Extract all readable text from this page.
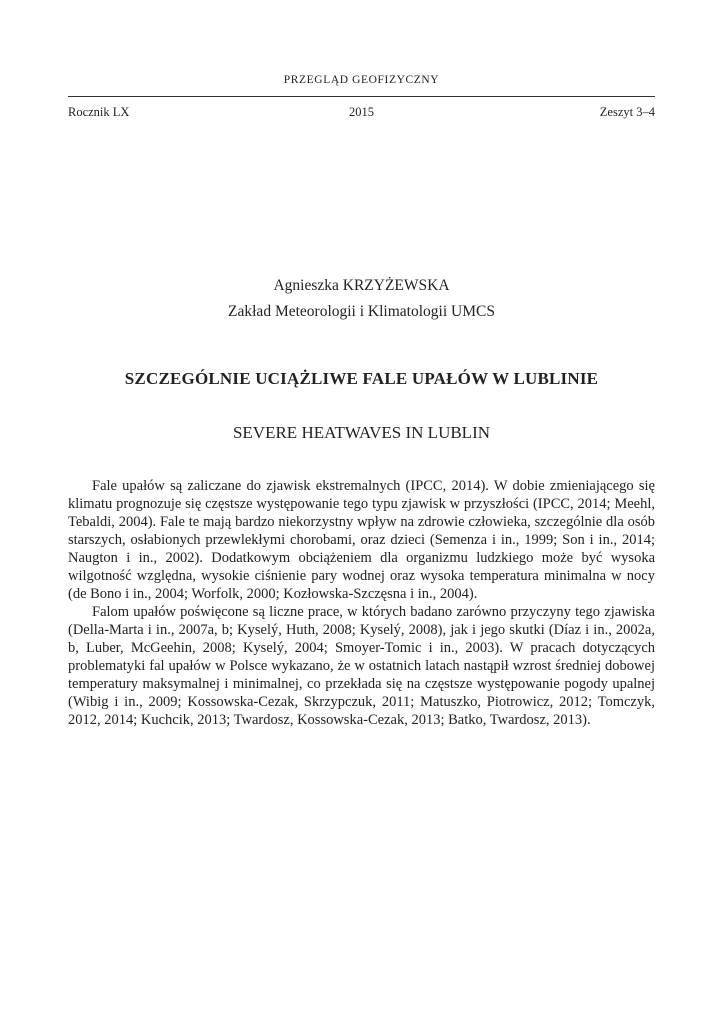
PRZEGLĄD GEOFIZYCZNY
Rocznik LX	2015	Zeszyt 3–4
Agnieszka KRZYŻEWSKA
Zakład Meteorologii i Klimatologii UMCS
SZCZEGÓLNIE UCIĄŻLIWE FALE UPAŁÓW W LUBLINIE
SEVERE HEATWAVES IN LUBLIN

Fale upałów są zaliczane do zjawisk ekstremalnych (IPCC, 2014). W dobie zmieniającego się klimatu prognozuje się częstsze występowanie tego typu zjawisk w przyszłości (IPCC, 2014; Meehl, Tebaldi, 2004). Fale te mają bardzo niekorzystny wpływ na zdrowie człowieka, szczególnie dla osób starszych, osłabionych przewlekłymi chorobami, oraz dzieci (Semenza i in., 1999; Son i in., 2014; Naugton i in., 2002). Dodatkowym obciążeniem dla organizmu ludzkiego może być wysoka wilgotność względna, wysokie ciśnienie pary wodnej oraz wysoka temperatura minimalna w nocy (de Bono i in., 2004; Worfolk, 2000; Kozłowska-Szczęsna i in., 2004).

Falom upałów poświęcone są liczne prace, w których badano zarówno przyczyny tego zjawiska (Della-Marta i in., 2007a, b; Kyselý, Huth, 2008; Kyselý, 2008), jak i jego skutki (Díaz i in., 2002a, b, Luber, McGeehin, 2008; Kyselý, 2004; Smoyer-Tomic i in., 2003). W pracach dotyczących problematyki fal upałów w Polsce wykazano, że w ostatnich latach nastąpił wzrost średniej dobowej temperatury maksymalnej i minimalnej, co przekłada się na częstsze występowanie pogody upalnej (Wibig i in., 2009; Kossowska-Cezak, Skrzypczuk, 2011; Matuszko, Piotrowicz, 2012; Tomczyk, 2012, 2014; Kuchcik, 2013; Twardosz, Kossowska-Cezak, 2013; Batko, Twardosz, 2013).
